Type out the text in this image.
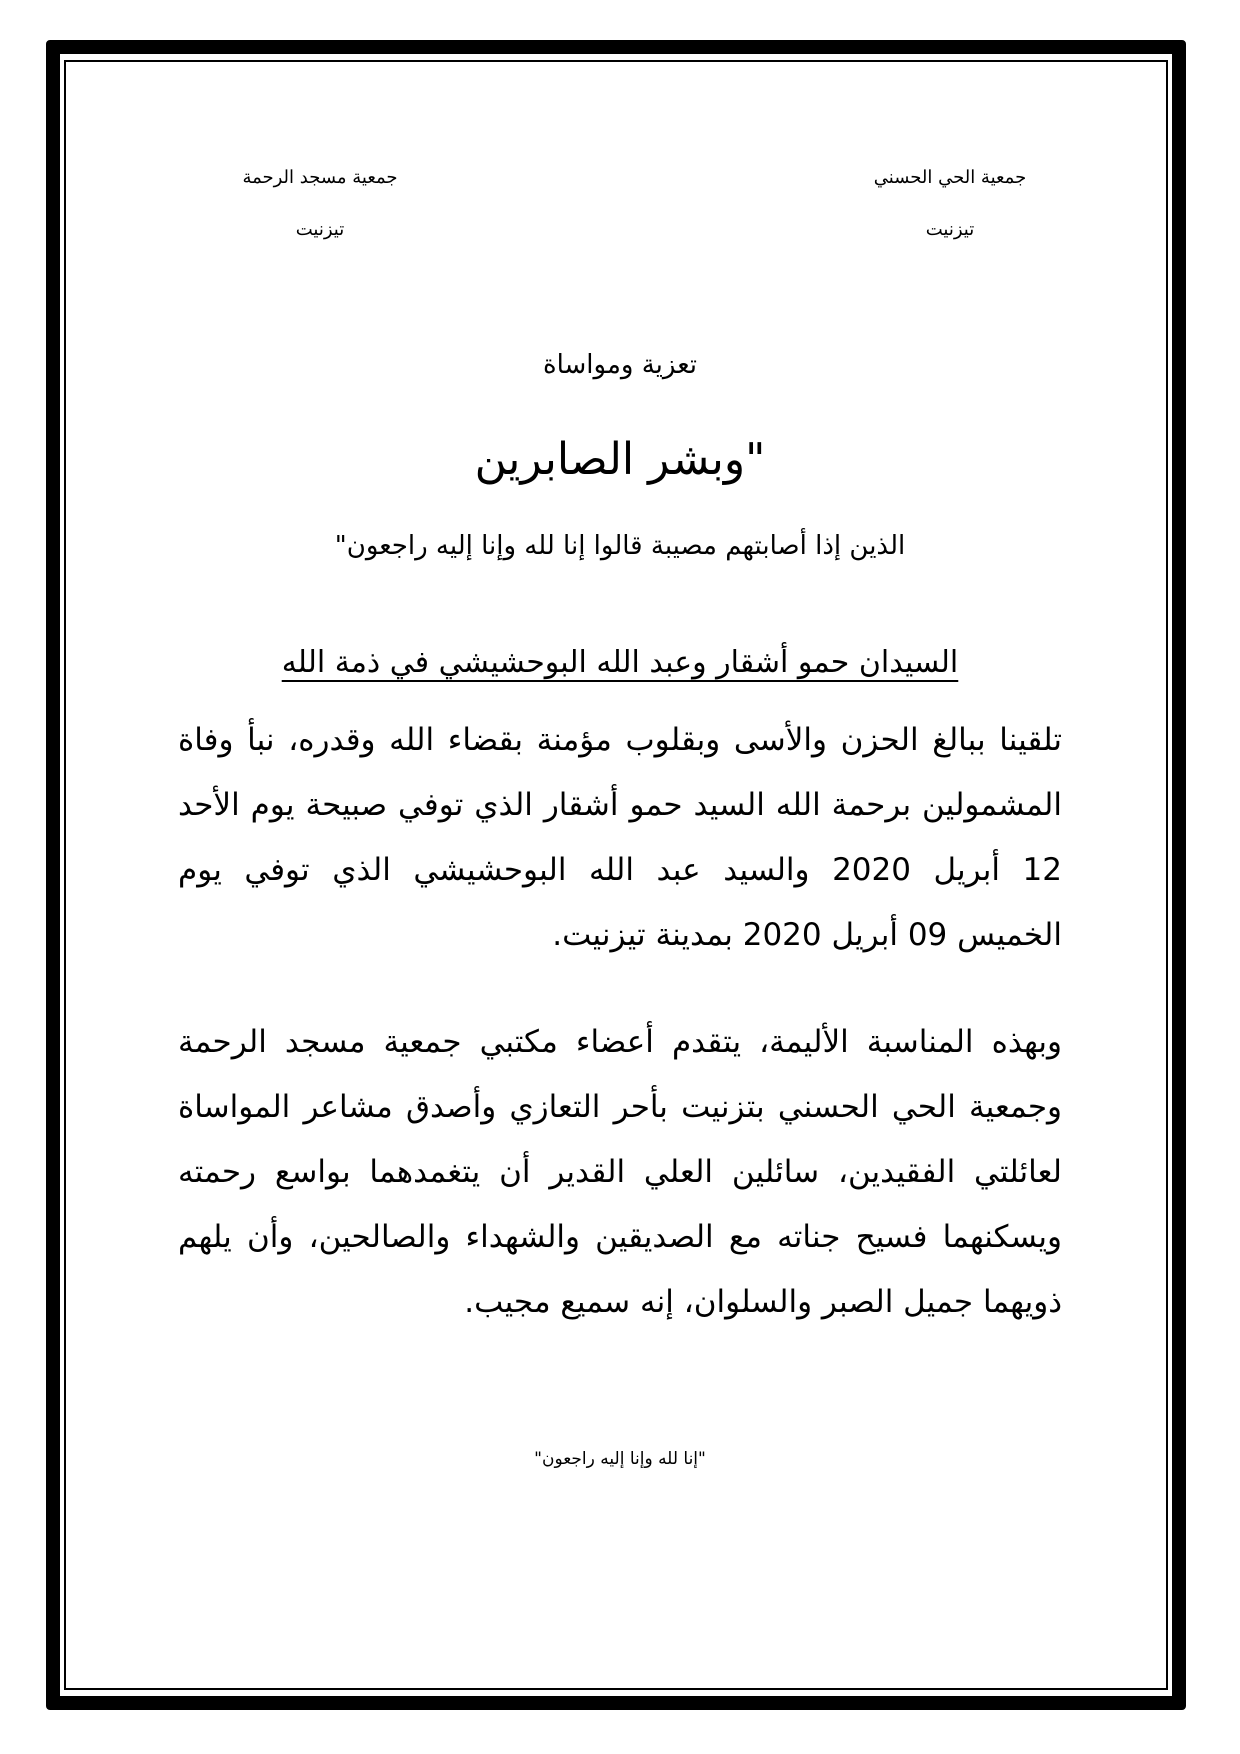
جمعية الحي الحسني
تيزنيت
جمعية مسجد الرحمة
تيزنيت
تعزية ومواساة
"وبشر الصابرين
الذين إذا أصابتهم مصيبة قالوا إنا لله وإنا إليه راجعون"
السيدان حمو أشقار وعبد الله البوحشيشي في ذمة الله

تلقينا ببالغ الحزن والأسى وبقلوب مؤمنة بقضاء الله وقدره، نبأ وفاة المشمولين برحمة الله السيد حمو أشقار الذي توفي صبيحة يوم الأحد 12 أبريل 2020 والسيد عبد الله البوحشيشي الذي توفي يوم الخميس 09 أبريل 2020 بمدينة تيزنيت.

وبهذه المناسبة الأليمة، يتقدم أعضاء مكتبي جمعية مسجد الرحمة وجمعية الحي الحسني بتزنيت بأحر التعازي وأصدق مشاعر المواساة لعائلتي الفقيدين، سائلين العلي القدير أن يتغمدهما بواسع رحمته ويسكنهما فسيح جناته مع الصديقين والشهداء والصالحين، وأن يلهم ذويهما جميل الصبر والسلوان، إنه سميع مجيب.

"إنا لله وإنا إليه راجعون"
